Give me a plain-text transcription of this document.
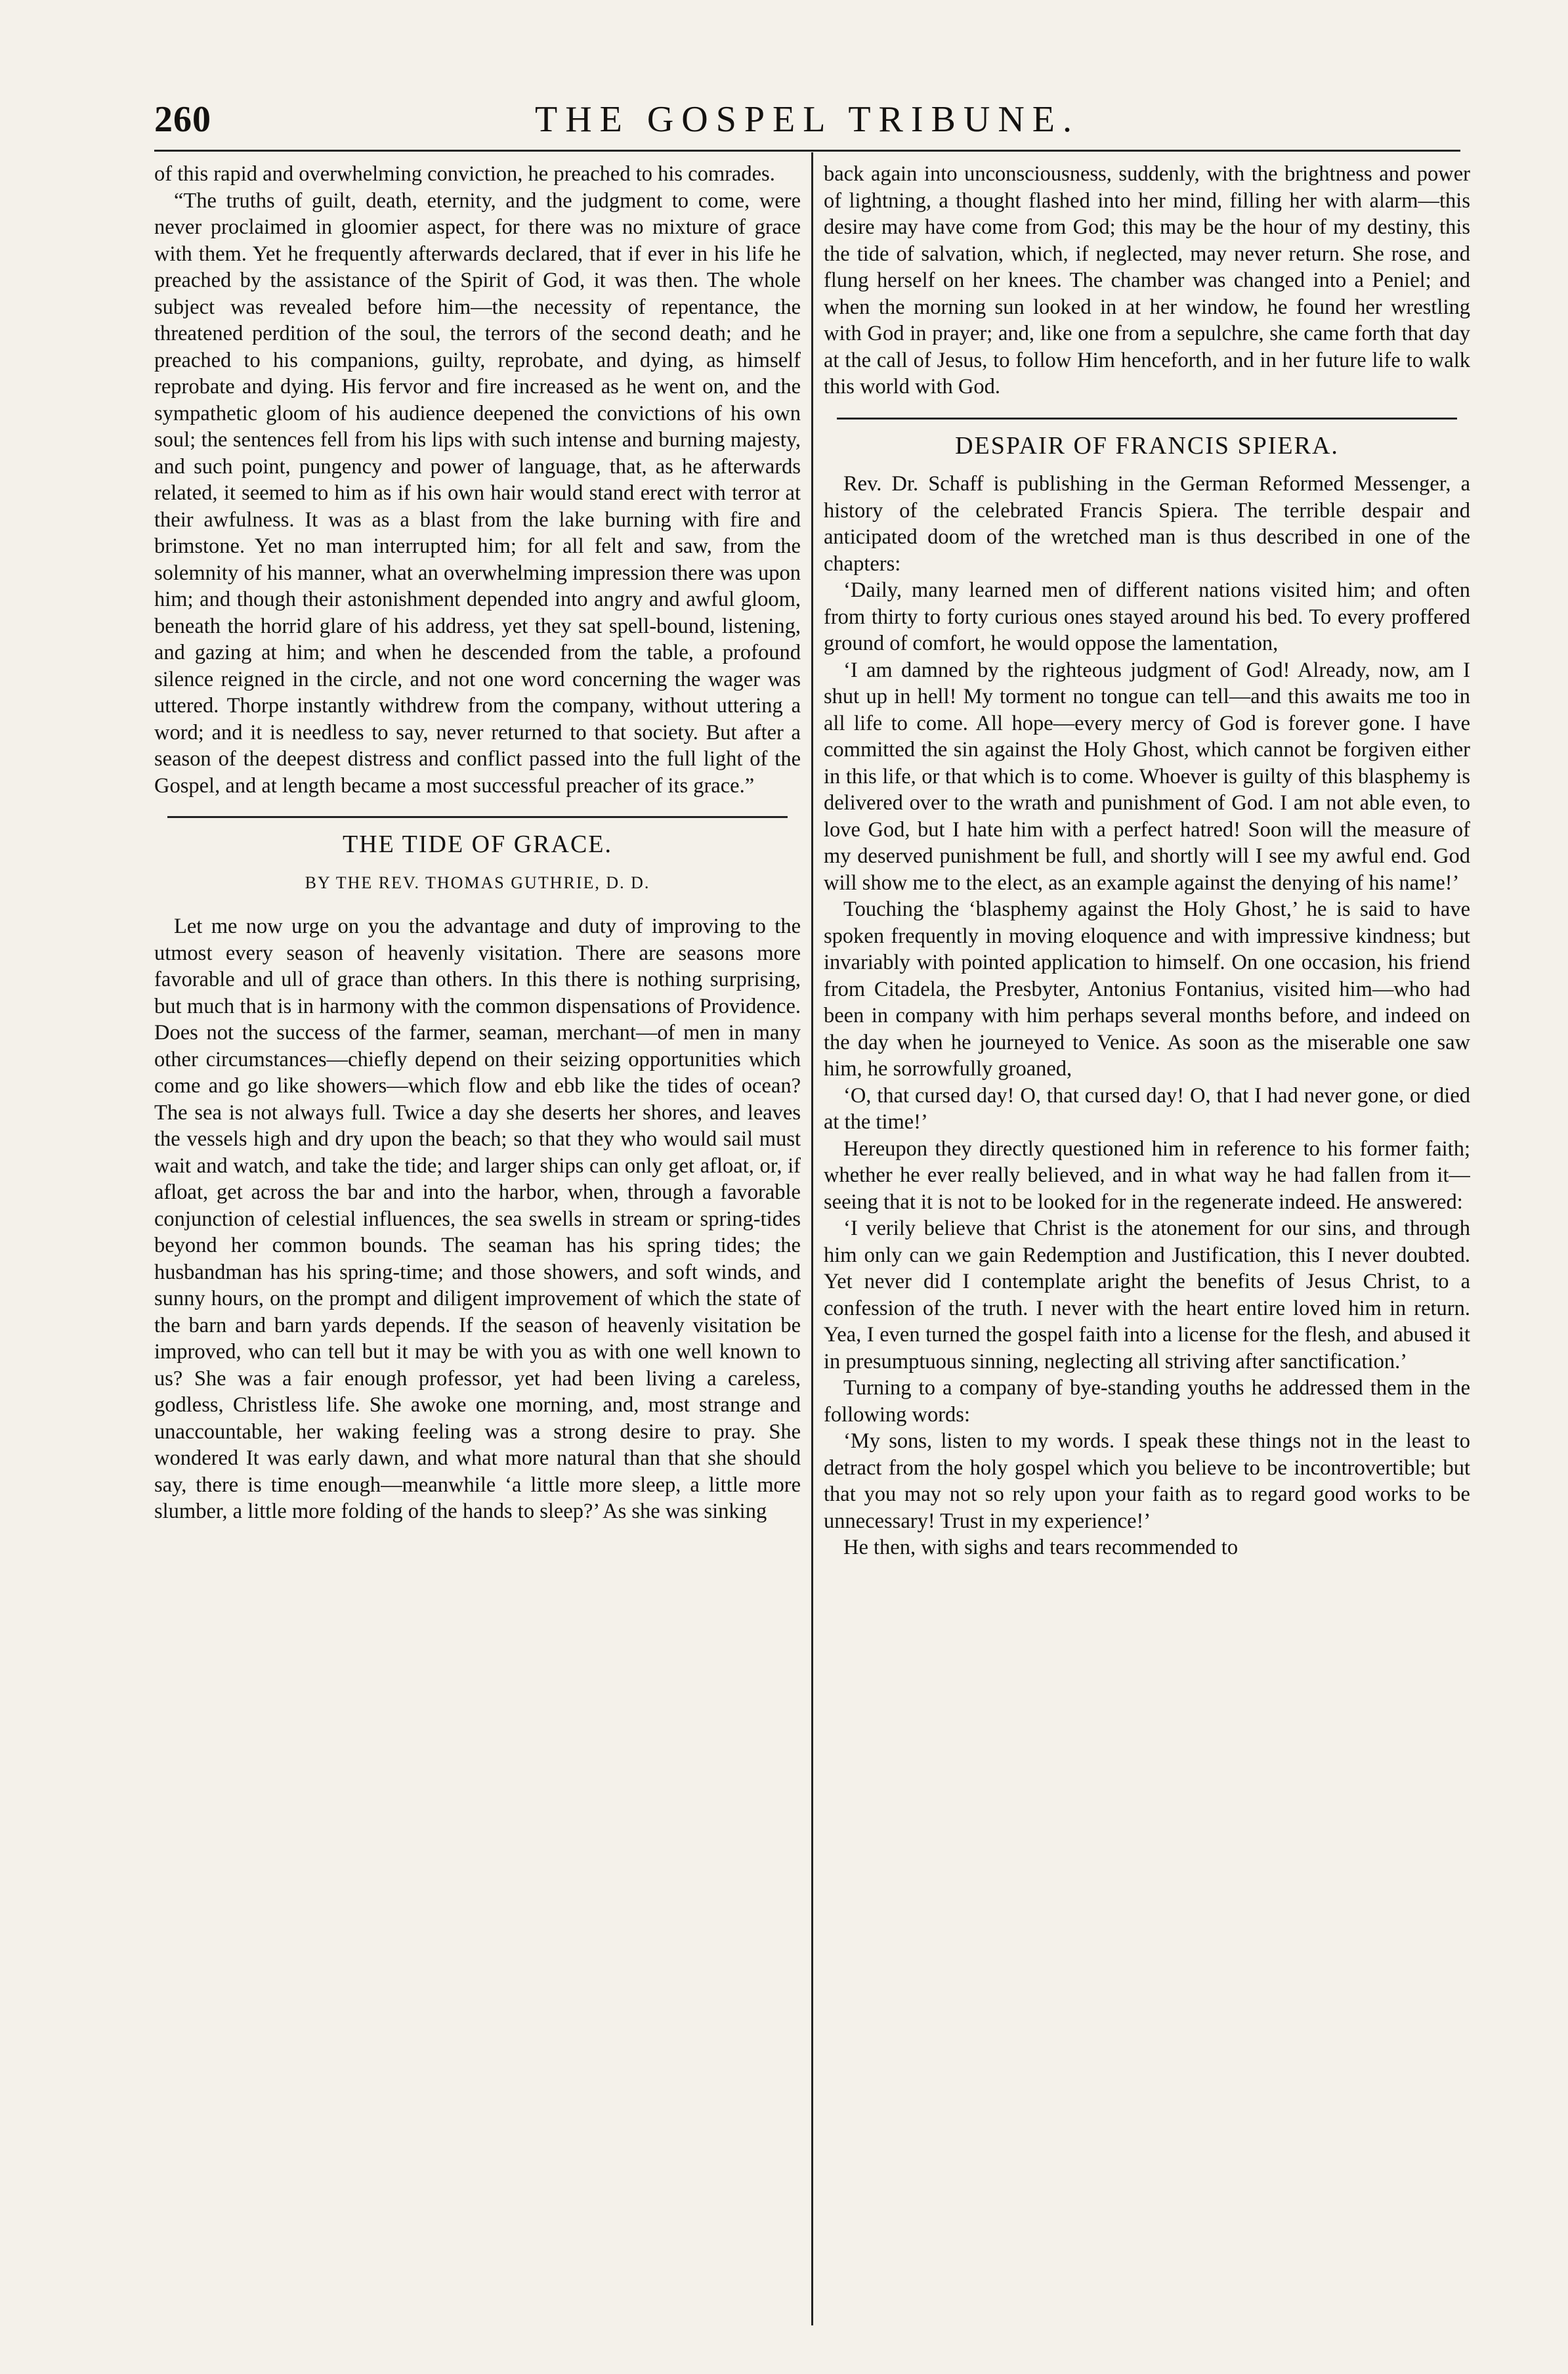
260	THE GOSPEL TRIBUNE.

of this rapid and overwhelming conviction, he preached to his comrades.

“The truths of guilt, death, eternity, and the judgment to come, were never proclaimed in gloomier aspect, for there was no mixture of grace with them. Yet he frequently afterwards declared, that if ever in his life he preached by the assistance of the Spirit of God, it was then. The whole subject was revealed before him—the necessity of repentance, the threatened perdition of the soul, the terrors of the second death; and he preached to his companions, guilty, reprobate, and dying, as himself reprobate and dying. His fervor and fire increased as he went on, and the sympathetic gloom of his audience deepened the convictions of his own soul; the sentences fell from his lips with such intense and burning majesty, and such point, pungency and power of language, that, as he afterwards related, it seemed to him as if his own hair would stand erect with terror at their awfulness. It was as a blast from the lake burning with fire and brimstone. Yet no man interrupted him; for all felt and saw, from the solemnity of his manner, what an overwhelming impression there was upon him; and though their astonishment depended into angry and awful gloom, beneath the horrid glare of his address, yet they sat spell-bound, listening, and gazing at him; and when he descended from the table, a profound silence reigned in the circle, and not one word concerning the wager was uttered. Thorpe instantly withdrew from the company, without uttering a word; and it is needless to say, never returned to that society. But after a season of the deepest distress and conflict passed into the full light of the Gospel, and at length became a most successful preacher of its grace.”

THE TIDE OF GRACE.
BY THE REV. THOMAS GUTHRIE, D. D.

Let me now urge on you the advantage and duty of improving to the utmost every season of heavenly visitation. There are seasons more favorable and ull of grace than others. In this there is nothing surprising, but much that is in harmony with the common dispensations of Providence. Does not the success of the farmer, seaman, merchant—of men in many other circumstances—chiefly depend on their seizing opportunities which come and go like showers—which flow and ebb like the tides of ocean? The sea is not always full. Twice a day she deserts her shores, and leaves the vessels high and dry upon the beach; so that they who would sail must wait and watch, and take the tide; and larger ships can only get afloat, or, if afloat, get across the bar and into the harbor, when, through a favorable conjunction of celestial influences, the sea swells in stream or spring-tides beyond her common bounds. The seaman has his spring tides; the husbandman has his spring-time; and those showers, and soft winds, and sunny hours, on the prompt and diligent improvement of which the state of the barn and barn yards depends. If the season of heavenly visitation be improved, who can tell but it may be with you as with one well known to us? She was a fair enough professor, yet had been living a careless, godless, Christless life. She awoke one morning, and, most strange and unaccountable, her waking feeling was a strong desire to pray. She wondered It was early dawn, and what more natural than that she should say, there is time enough—meanwhile ‘a little more sleep, a little more slumber, a little more folding of the hands to sleep?’ As she was sinking

back again into unconsciousness, suddenly, with the brightness and power of lightning, a thought flashed into her mind, filling her with alarm—this desire may have come from God; this may be the hour of my destiny, this the tide of salvation, which, if neglected, may never return. She rose, and flung herself on her knees. The chamber was changed into a Peniel; and when the morning sun looked in at her window, he found her wrestling with God in prayer; and, like one from a sepulchre, she came forth that day at the call of Jesus, to follow Him henceforth, and in her future life to walk this world with God.

DESPAIR OF FRANCIS SPIERA.

Rev. Dr. Schaff is publishing in the German Reformed Messenger, a history of the celebrated Francis Spiera. The terrible despair and anticipated doom of the wretched man is thus described in one of the chapters:

‘Daily, many learned men of different nations visited him; and often from thirty to forty curious ones stayed around his bed. To every proffered ground of comfort, he would oppose the lamentation,

‘I am damned by the righteous judgment of God! Already, now, am I shut up in hell! My torment no tongue can tell—and this awaits me too in all life to come. All hope—every mercy of God is forever gone. I have committed the sin against the Holy Ghost, which cannot be forgiven either in this life, or that which is to come. Whoever is guilty of this blasphemy is delivered over to the wrath and punishment of God. I am not able even, to love God, but I hate him with a perfect hatred! Soon will the measure of my deserved punishment be full, and shortly will I see my awful end. God will show me to the elect, as an example against the denying of his name!’

Touching the ‘blasphemy against the Holy Ghost,’ he is said to have spoken frequently in moving eloquence and with impressive kindness; but invariably with pointed application to himself. On one occasion, his friend from Citadela, the Presbyter, Antonius Fontanius, visited him—who had been in company with him perhaps several months before, and indeed on the day when he journeyed to Venice. As soon as the miserable one saw him, he sorrowfully groaned,

‘O, that cursed day! O, that cursed day! O, that I had never gone, or died at the time!’

Hereupon they directly questioned him in reference to his former faith; whether he ever really believed, and in what way he had fallen from it—seeing that it is not to be looked for in the regenerate indeed. He answered:

‘I verily believe that Christ is the atonement for our sins, and through him only can we gain Redemption and Justification, this I never doubted. Yet never did I contemplate aright the benefits of Jesus Christ, to a confession of the truth. I never with the heart entire loved him in return. Yea, I even turned the gospel faith into a license for the flesh, and abused it in presumptuous sinning, neglecting all striving after sanctification.’

Turning to a company of bye-standing youths he addressed them in the following words:

‘My sons, listen to my words. I speak these things not in the least to detract from the holy gospel which you believe to be incontrovertible; but that you may not so rely upon your faith as to regard good works to be unnecessary! Trust in my experience!’

He then, with sighs and tears recommended to
